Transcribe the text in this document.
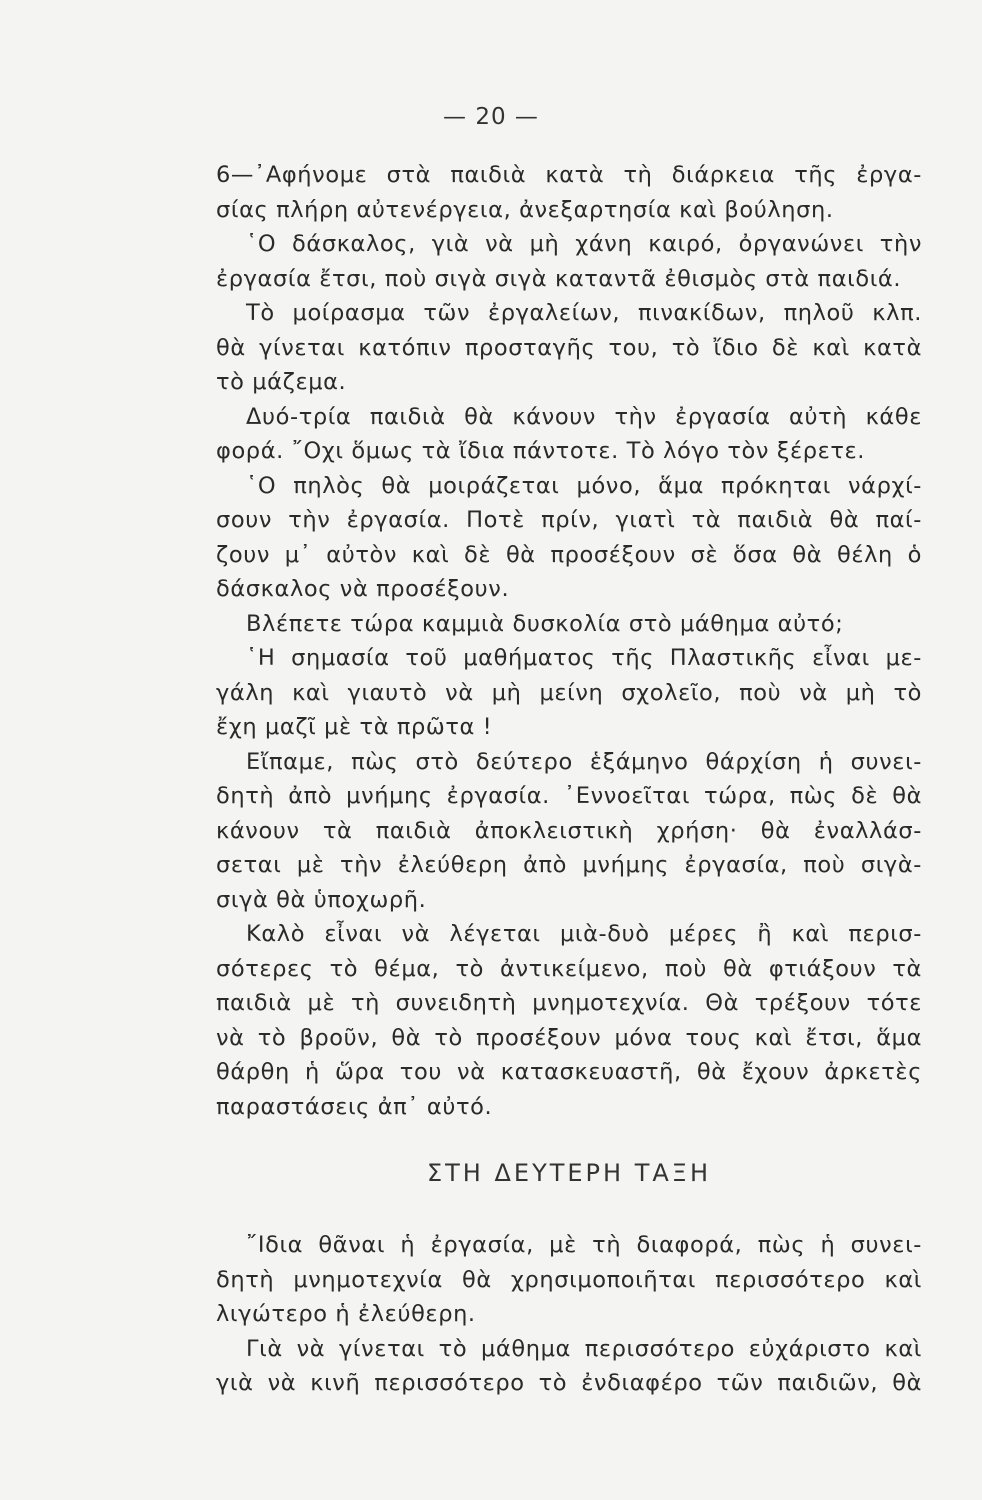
— 20 —
6—᾿Αφήνομε στὰ παιδιὰ κατὰ τὴ διάρκεια τῆς ἐργα-
σίας πλήρη αὐτενέργεια, ἀνεξαρτησία καὶ βούληση.
῾Ο δάσκαλος, γιὰ νὰ μὴ χάνη καιρό, ὀργανώνει τὴν
ἐργασία ἔτσι, ποὺ σιγὰ σιγὰ καταντᾶ ἐθισμὸς στὰ παιδιά.
Τὸ μοίρασμα τῶν ἐργαλείων, πινακίδων, πηλοῦ κλπ.
θὰ γίνεται κατόπιν προσταγῆς του, τὸ ἴδιο δὲ καὶ κατὰ
τὸ μάζεμα.
Δυό-τρία παιδιὰ θὰ κάνουν τὴν ἐργασία αὐτὴ κάθε
φορά. ῎Οχι ὅμως τὰ ἴδια πάντοτε. Τὸ λόγο τὸν ξέρετε.
῾Ο πηλὸς θὰ μοιράζεται μόνο, ἅμα πρόκηται νάρχί-
σουν τὴν ἐργασία. Ποτὲ πρίν, γιατὶ τὰ παιδιὰ θὰ παί-
ζουν μ᾿ αὐτὸν καὶ δὲ θὰ προσέξουν σὲ ὅσα θὰ θέλη ὁ
δάσκαλος νὰ προσέξουν.
Βλέπετε τώρα καμμιὰ δυσκολία στὸ μάθημα αὐτό;
῾Η σημασία τοῦ μαθήματος τῆς Πλαστικῆς εἶναι με-
γάλη καὶ γιαυτὸ νὰ μὴ μείνη σχολεῖο, ποὺ νὰ μὴ τὸ
ἔχη μαζῖ μὲ τὰ πρῶτα !
Εἴπαμε, πὼς στὸ δεύτερο ἑξάμηνο θάρχίση ἡ συνει-
δητὴ ἀπὸ μνήμης ἐργασία. ᾿Εννοεῖται τώρα, πὼς δὲ θὰ
κάνουν τὰ παιδιὰ ἀποκλειστικὴ χρήση· θὰ ἐναλλάσ-
σεται μὲ τὴν ἐλεύθερη ἀπὸ μνήμης ἐργασία, ποὺ σιγὰ-
σιγὰ θὰ ὑποχωρῆ.
Καλὸ εἶναι νὰ λέγεται μιὰ-δυὸ μέρες ἢ καὶ περισ-
σότερες τὸ θέμα, τὸ ἀντικείμενο, ποὺ θὰ φτιάξουν τὰ
παιδιὰ μὲ τὴ συνειδητὴ μνημοτεχνία. Θὰ τρέξουν τότε
νὰ τὸ βροῦν, θὰ τὸ προσέξουν μόνα τους καὶ ἔτσι, ἅμα
θάρθη ἡ ὥρα του νὰ κατασκευαστῆ, θὰ ἔχουν ἀρκετὲς
παραστάσεις ἀπ᾿ αὐτό.
ΣΤΗ ΔΕΥΤΕΡΗ ΤΑΞΗ
῎Ιδια θᾶναι ἡ ἐργασία, μὲ τὴ διαφορά, πὼς ἡ συνει-
δητὴ μνημοτεχνία θὰ χρησιμοποιῆται περισσότερο καὶ
λιγώτερο ἡ ἐλεύθερη.
Γιὰ νὰ γίνεται τὸ μάθημα περισσότερο εὐχάριστο καὶ
γιὰ νὰ κινῆ περισσότερο τὸ ἐνδιαφέρο τῶν παιδιῶν, θὰ
